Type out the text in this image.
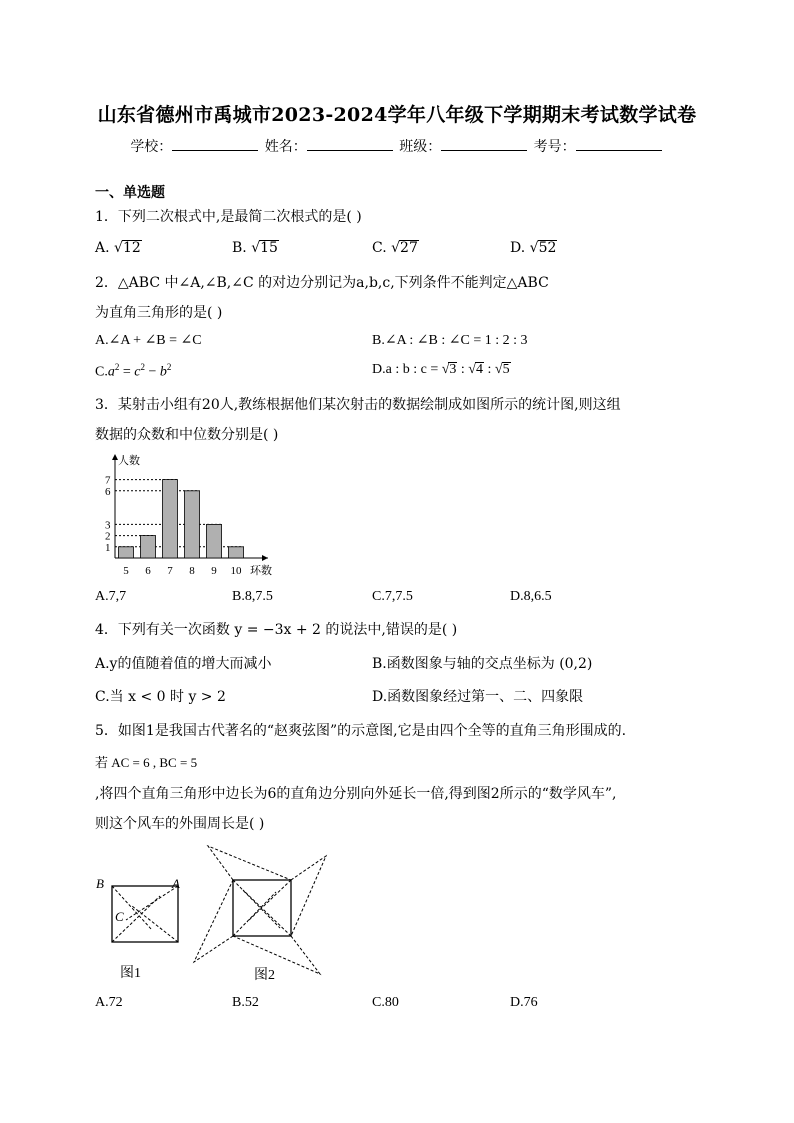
山东省德州市禹城市2023-2024学年八年级下学期期末考试数学试卷
学校：	姓名：	班级：	考号：
一、单选题
1．下列二次根式中,是最简二次根式的是( )
A. √12	B. √15	C. √27	D. √52
2．△ABC 中∠A,∠B,∠C 的对边分别记为a,b,c,下列条件不能判定△ABC
为直角三角形的是( )
A.∠A + ∠B = ∠C	B.∠A : ∠B : ∠C = 1 : 2 : 3
$C.a^2 = c^2 - b^2$	D.a : b : c = √3 : √4 : √5
3．某射击小组有20人,教练根据他们某次射击的数据绘制成如图所示的统计图,则这组
数据的众数和中位数分别是( )
1
2
3
6
7
5 6 7 8 9 10
人数
环数
A.7,7	B.8,7.5	C.7,7.5	D.8,6.5
4．下列有关一次函数 y = −3x + 2 的说法中,错误的是( )
A.y的值随着值的增大而减小	B.函数图象与轴的交点坐标为 (0,2)
C.当 x < 0 时 y > 2	D.函数图象经过第一、二、四象限
5．如图1是我国古代著名的“赵爽弦图”的示意图,它是由四个全等的直角三角形围成的.
若 AC = 6 , BC = 5
,将四个直角三角形中边长为6的直角边分别向外延长一倍,得到图2所示的“数学风车”,
则这个风车的外围周长是( )
B	A
C
图1	图2
A.72	B.52	C.80	D.76
